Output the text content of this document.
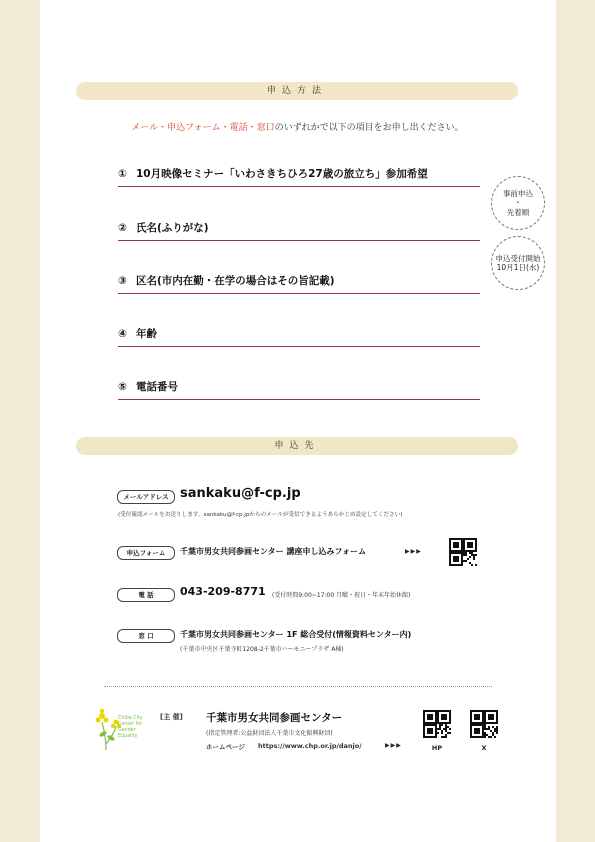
申込方法
メール・申込フォーム・電話・窓口のいずれかで以下の項目をお申し出ください。
① 10月映像セミナー「いわさきちひろ27歳の旅立ち」参加希望
② 氏名(ふりがな)
③ 区名(市内在勤・在学の場合はその旨記載)
④ 年齢
⑤ 電話番号
事前申込
・
先着順
申込受付開始
10月1日(水)
申込先
メールアドレス sankaku@f-cp.jp
(受付確認メールをお送りします。sankaku@f-cp.jpからのメールが受信できるようあらかじめ設定してください)
申込フォーム	千葉市男女共同参画センター 講座申し込みフォーム	▶▶▶
電 話	043-209-8771 (受付時間9:00~17:00 月曜・祝日・年末年始休館)
窓 口	千葉市男女共同参画センター 1F 総合受付(情報資料センター内)
(千葉市中央区千葉寺町1208-2千葉市ハーモニープラザ A棟)
Chiba City
Center for
Gender
Equality
[主 催] 千葉市男女共同参画センター
(指定管理者:公益財団法人千葉市文化振興財団)
ホームページ https://www.chp.or.jp/danjo/	▶▶▶	HP	X
